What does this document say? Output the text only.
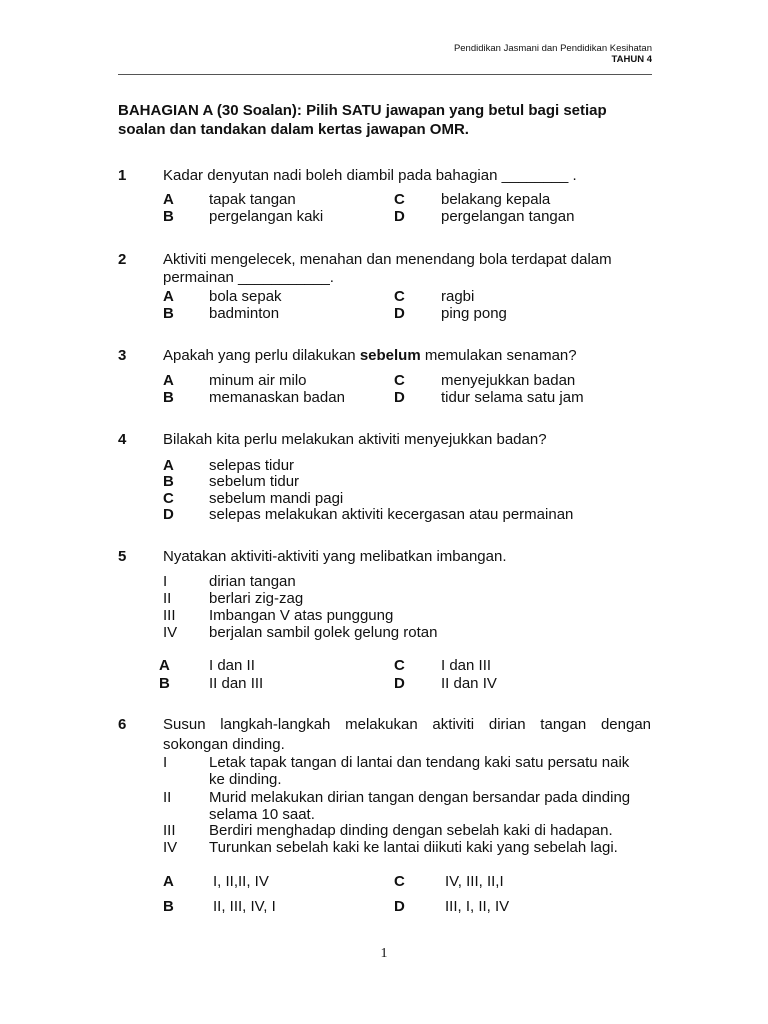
Pendidikan Jasmani dan Pendidikan Kesihatan
TAHUN 4
BAHAGIAN A (30 Soalan): Pilih SATU jawapan yang betul bagi setiap soalan dan tandakan dalam kertas jawapan OMR.
1 Kadar denyutan nadi boleh diambil pada bahagian ________ .
A tapak tangan	C belakang kepala
B pergelangan kaki	D pergelangan tangan
2 Aktiviti mengelecek, menahan dan menendang bola terdapat dalam
permainan ___________.
A bola sepak	C ragbi
B badminton	D ping pong
3 Apakah yang perlu dilakukan sebelum memulakan senaman?
A minum air milo	C menyejukkan badan
B memanaskan badan	D tidur selama satu jam
4 Bilakah kita perlu melakukan aktiviti menyejukkan badan?
A selepas tidur
B sebelum tidur
C sebelum mandi pagi
D selepas melakukan aktiviti kecergasan atau permainan
5 Nyatakan aktiviti-aktiviti yang melibatkan imbangan.
I	dirian tangan
II	berlari zig-zag
III Imbangan V atas punggung
IV berjalan sambil golek gelung rotan
A	I dan II	C I dan III
B	II dan III	D II dan IV
6 Susun langkah-langkah melakukan aktiviti dirian tangan dengan
sokongan dinding.
I	Letak tapak tangan di lantai dan tendang kaki satu persatu naik ke dinding.
II	Murid melakukan dirian tangan dengan bersandar pada dinding selama 10 saat.
III Berdiri menghadap dinding dengan sebelah kaki di hadapan.
IV Turunkan sebelah kaki ke lantai diikuti kaki yang sebelah lagi.
A	I, II,II, IV	C	IV, III, II,I
B	II, III, IV, I	D	III, I, II, IV
1
